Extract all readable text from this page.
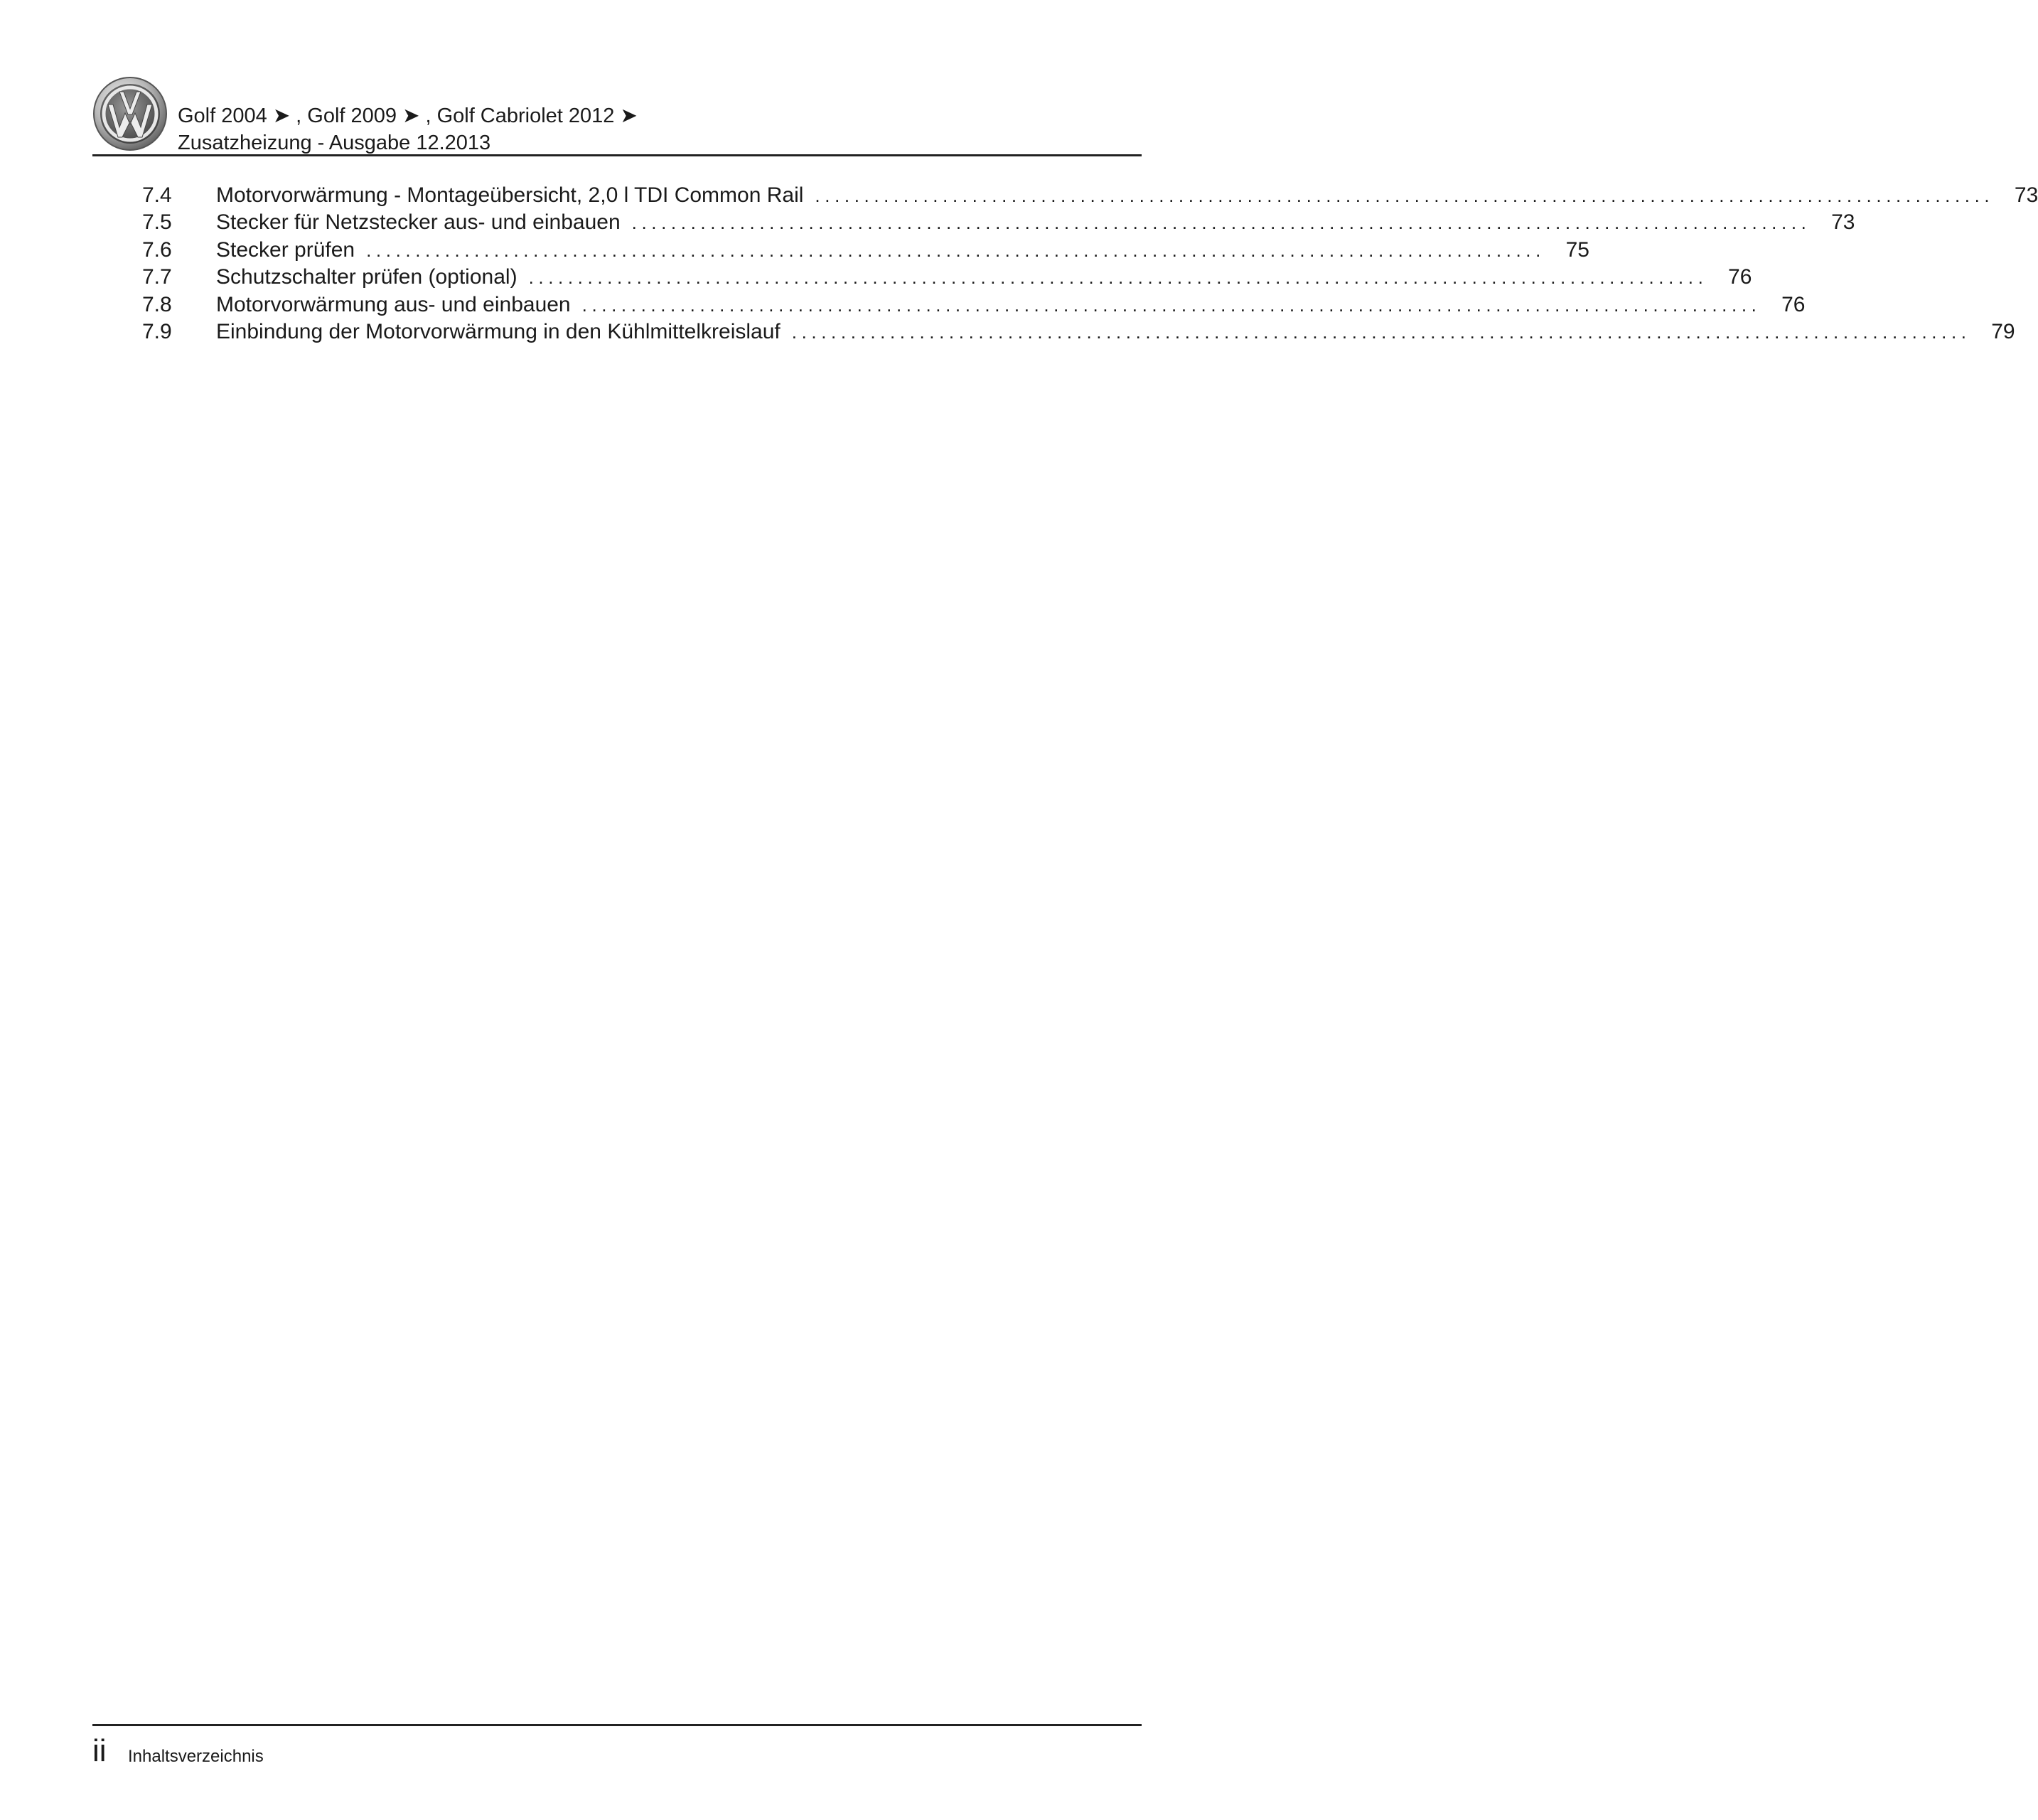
Golf 2004 ➤ , Golf 2009 ➤ , Golf Cabriolet 2012 ➤
Zusatzheizung - Ausgabe 12.2013
7.4	Motorvorwärmung - Montageübersicht, 2,0 l TDI Common Rail ........................................................................................................................ 73
7.5	Stecker für Netzstecker aus- und einbauen ........................................................................................................................ 73
7.6	Stecker prüfen ........................................................................................................................ 75
7.7	Schutzschalter prüfen (optional) ........................................................................................................................ 76
7.8	Motorvorwärmung aus- und einbauen ........................................................................................................................ 76
7.9	Einbindung der Motorvorwärmung in den Kühlmittelkreislauf ........................................................................................................................ 79
ii Inhaltsverzeichnis
